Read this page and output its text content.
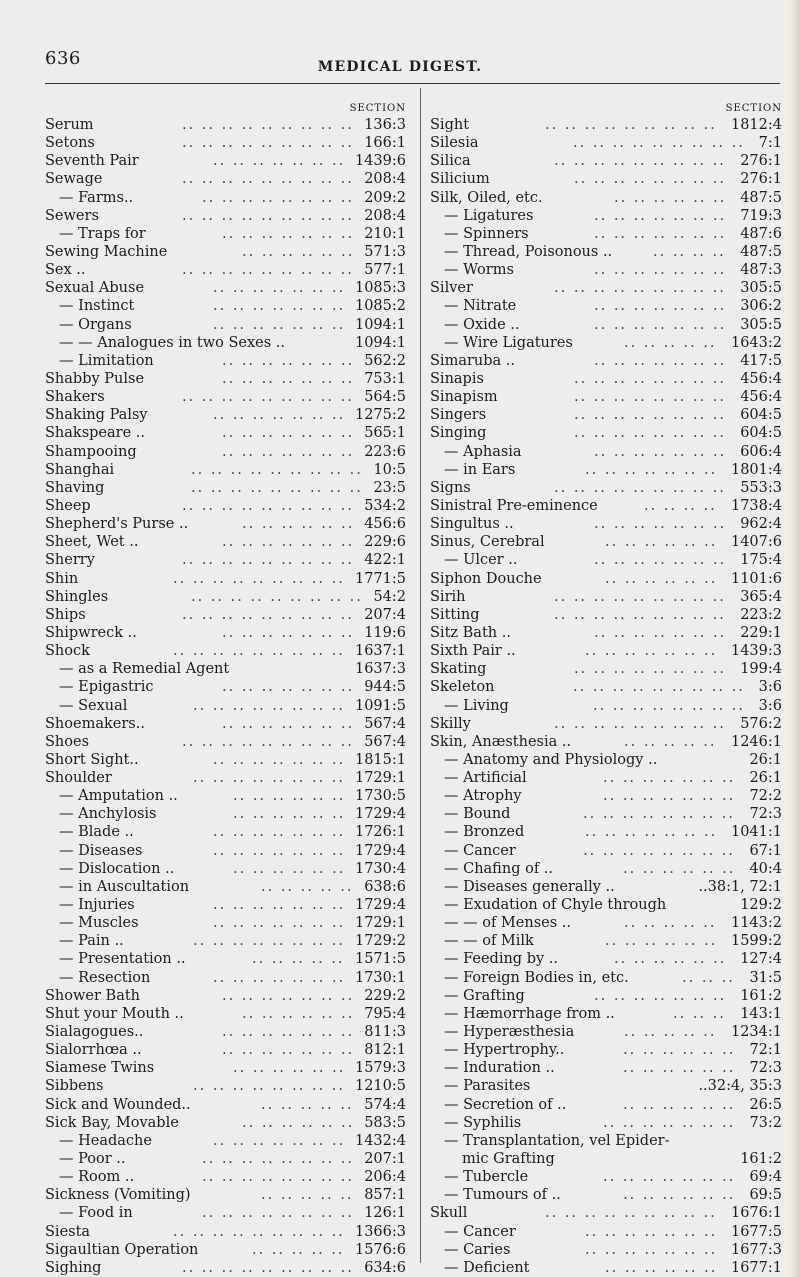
636	MEDICAL DIGEST.
SECTION
Serum	.. .. .. .. .. .. .. .. .. 136:3
Setons	.. .. .. .. .. .. .. .. .. 166:1
Seventh Pair	.. .. .. .. .. .. .. 1439:6
Sewage	.. .. .. .. .. .. .. .. .. 208:4
— Farms..	.. .. .. .. .. .. .. .. 209:2
Sewers	.. .. .. .. .. .. .. .. .. 208:4
— Traps for	.. .. .. .. .. .. .. 210:1
Sewing Machine	.. .. .. .. .. .. 571:3
Sex ..	.. .. .. .. .. .. .. .. .. 577:1
Sexual Abuse	.. .. .. .. .. .. .. 1085:3
— Instinct	.. .. .. .. .. .. .. 1085:2
— Organs	.. .. .. .. .. .. .. 1094:1
— — Analogues in two Sexes ..	1094:1
— Limitation	.. .. .. .. .. .. .. 562:2
Shabby Pulse	.. .. .. .. .. .. .. 753:1
Shakers	.. .. .. .. .. .. .. .. .. 564:5
Shaking Palsy	.. .. .. .. .. .. .. 1275:2
Shakspeare ..	.. .. .. .. .. .. .. 565:1
Shampooing	.. .. .. .. .. .. .. 223:6
Shanghai	.. .. .. .. .. .. .. .. .. 10:5
Shaving	.. .. .. .. .. .. .. .. .. 23:5
Sheep	.. .. .. .. .. .. .. .. .. 534:2
Shepherd's Purse ..	.. .. .. .. .. .. 456:6
Sheet, Wet ..	.. .. .. .. .. .. .. 229:6
Sherry	.. .. .. .. .. .. .. .. .. 422:1
Shin	.. .. .. .. .. .. .. .. .. 1771:5
Shingles	.. .. .. .. .. .. .. .. .. 54:2
Ships	.. .. .. .. .. .. .. .. .. 207:4
Shipwreck ..	.. .. .. .. .. .. .. 119:6
Shock	.. .. .. .. .. .. .. .. .. 1637:1
— as a Remedial Agent	1637:3
— Epigastric	.. .. .. .. .. .. .. 944:5
— Sexual	.. .. .. .. .. .. .. .. 1091:5
Shoemakers..	.. .. .. .. .. .. .. 567:4
Shoes	.. .. .. .. .. .. .. .. .. 567:4
Short Sight..	.. .. .. .. .. .. .. 1815:1
Shoulder	.. .. .. .. .. .. .. .. 1729:1
— Amputation ..	.. .. .. .. .. .. 1730:5
— Anchylosis	.. .. .. .. .. .. 1729:4
— Blade ..	.. .. .. .. .. .. .. 1726:1
— Diseases	.. .. .. .. .. .. .. 1729:4
— Dislocation ..	.. .. .. .. .. .. 1730:4
— in Auscultation	.. .. .. .. .. 638:6
— Injuries	.. .. .. .. .. .. .. 1729:4
— Muscles	.. .. .. .. .. .. .. 1729:1
— Pain ..	.. .. .. .. .. .. .. .. 1729:2
— Presentation ..	.. .. .. .. .. 1571:5
— Resection	.. .. .. .. .. .. .. 1730:1
Shower Bath	.. .. .. .. .. .. .. 229:2
Shut your Mouth ..	.. .. .. .. .. .. 795:4
Sialagogues..	.. .. .. .. .. .. .. 811:3
Sialorrhœa ..	.. .. .. .. .. .. .. 812:1
Siamese Twins	.. .. .. .. .. .. 1579:3
Sibbens	.. .. .. .. .. .. .. .. 1210:5
Sick and Wounded..	.. .. .. .. .. 574:4
Sick Bay, Movable	.. .. .. .. .. .. 583:5
— Headache	.. .. .. .. .. .. .. 1432:4
— Poor ..	.. .. .. .. .. .. .. .. 207:1
— Room ..	.. .. .. .. .. .. .. .. 206:4
Sickness (Vomiting)	.. .. .. .. .. 857:1
— Food in	.. .. .. .. .. .. .. .. 126:1
Siesta	.. .. .. .. .. .. .. .. .. 1366:3
Sigaultian Operation	.. .. .. .. .. 1576:6
Sighing	.. .. .. .. .. .. .. .. .. 634:6
SECTION
Sight	.. .. .. .. .. .. .. .. .. 1812:4
Silesia	.. .. .. .. .. .. .. .. .. 7:1
Silica	.. .. .. .. .. .. .. .. .. 276:1
Silicium	.. .. .. .. .. .. .. .. 276:1
Silk, Oiled, etc.	.. .. .. .. .. .. 487:5
— Ligatures	.. .. .. .. .. .. .. 719:3
— Spinners	.. .. .. .. .. .. .. 487:6
— Thread, Poisonous ..	.. .. .. .. 487:5
— Worms	.. .. .. .. .. .. .. 487:3
Silver	.. .. .. .. .. .. .. .. .. 305:5
— Nitrate	.. .. .. .. .. .. .. 306:2
— Oxide ..	.. .. .. .. .. .. .. 305:5
— Wire Ligatures	.. .. .. .. .. 1643:2
Simaruba ..	.. .. .. .. .. .. .. 417:5
Sinapis	.. .. .. .. .. .. .. .. 456:4
Sinapism	.. .. .. .. .. .. .. .. 456:4
Singers	.. .. .. .. .. .. .. .. 604:5
Singing	.. .. .. .. .. .. .. .. 604:5
— Aphasia	.. .. .. .. .. .. .. 606:4
— in Ears	.. .. .. .. .. .. .. 1801:4
Signs	.. .. .. .. .. .. .. .. .. 553:3
Sinistral Pre-eminence	.. .. .. .. 1738:4
Singultus ..	.. .. .. .. .. .. .. 962:4
Sinus, Cerebral	.. .. .. .. .. .. 1407:6
— Ulcer ..	.. .. .. .. .. .. .. 175:4
Siphon Douche	.. .. .. .. .. .. 1101:6
Sirih	.. .. .. .. .. .. .. .. .. 365:4
Sitting	.. .. .. .. .. .. .. .. .. 223:2
Sitz Bath ..	.. .. .. .. .. .. .. 229:1
Sixth Pair ..	.. .. .. .. .. .. .. 1439:3
Skating	.. .. .. .. .. .. .. .. 199:4
Skeleton	.. .. .. .. .. .. .. .. .. 3:6
— Living	.. .. .. .. .. .. .. .. 3:6
Skilly	.. .. .. .. .. .. .. .. .. 576:2
Skin, Anæsthesia ..	.. .. .. .. .. 1246:1
— Anatomy and Physiology ..	26:1
— Artificial	.. .. .. .. .. .. .. 26:1
— Atrophy	.. .. .. .. .. .. .. 72:2
— Bound	.. .. .. .. .. .. .. .. 72:3
— Bronzed	.. .. .. .. .. .. .. 1041:1
— Cancer	.. .. .. .. .. .. .. .. 67:1
— Chafing of ..	.. .. .. .. .. .. 40:4
— Diseases generally ..	..38:1, 72:1
— Exudation of Chyle through	129:2
— — of Menses ..	.. .. .. .. .. 1143:2
— — of Milk	.. .. .. .. .. .. 1599:2
— Feeding by ..	.. .. .. .. .. .. 127:4
— Foreign Bodies in, etc.	.. .. .. 31:5
— Grafting	.. .. .. .. .. .. .. 161:2
— Hæmorrhage from ..	.. .. .. 143:1
— Hyperæsthesia	.. .. .. .. .. 1234:1
— Hypertrophy..	.. .. .. .. .. .. 72:1
— Induration ..	.. .. .. .. .. .. 72:3
— Parasites	..32:4, 35:3
— Secretion of ..	.. .. .. .. .. .. 26:5
— Syphilis	.. .. .. .. .. .. .. 73:2
— Transplantation, vel Epider-
mic Grafting	161:2
— Tubercle	.. .. .. .. .. .. .. 69:4
— Tumours of ..	.. .. .. .. .. .. 69:5
Skull	.. .. .. .. .. .. .. .. .. 1676:1
— Cancer	.. .. .. .. .. .. .. 1677:5
— Caries	.. .. .. .. .. .. .. 1677:3
— Deficient	.. .. .. .. .. .. 1677:1
